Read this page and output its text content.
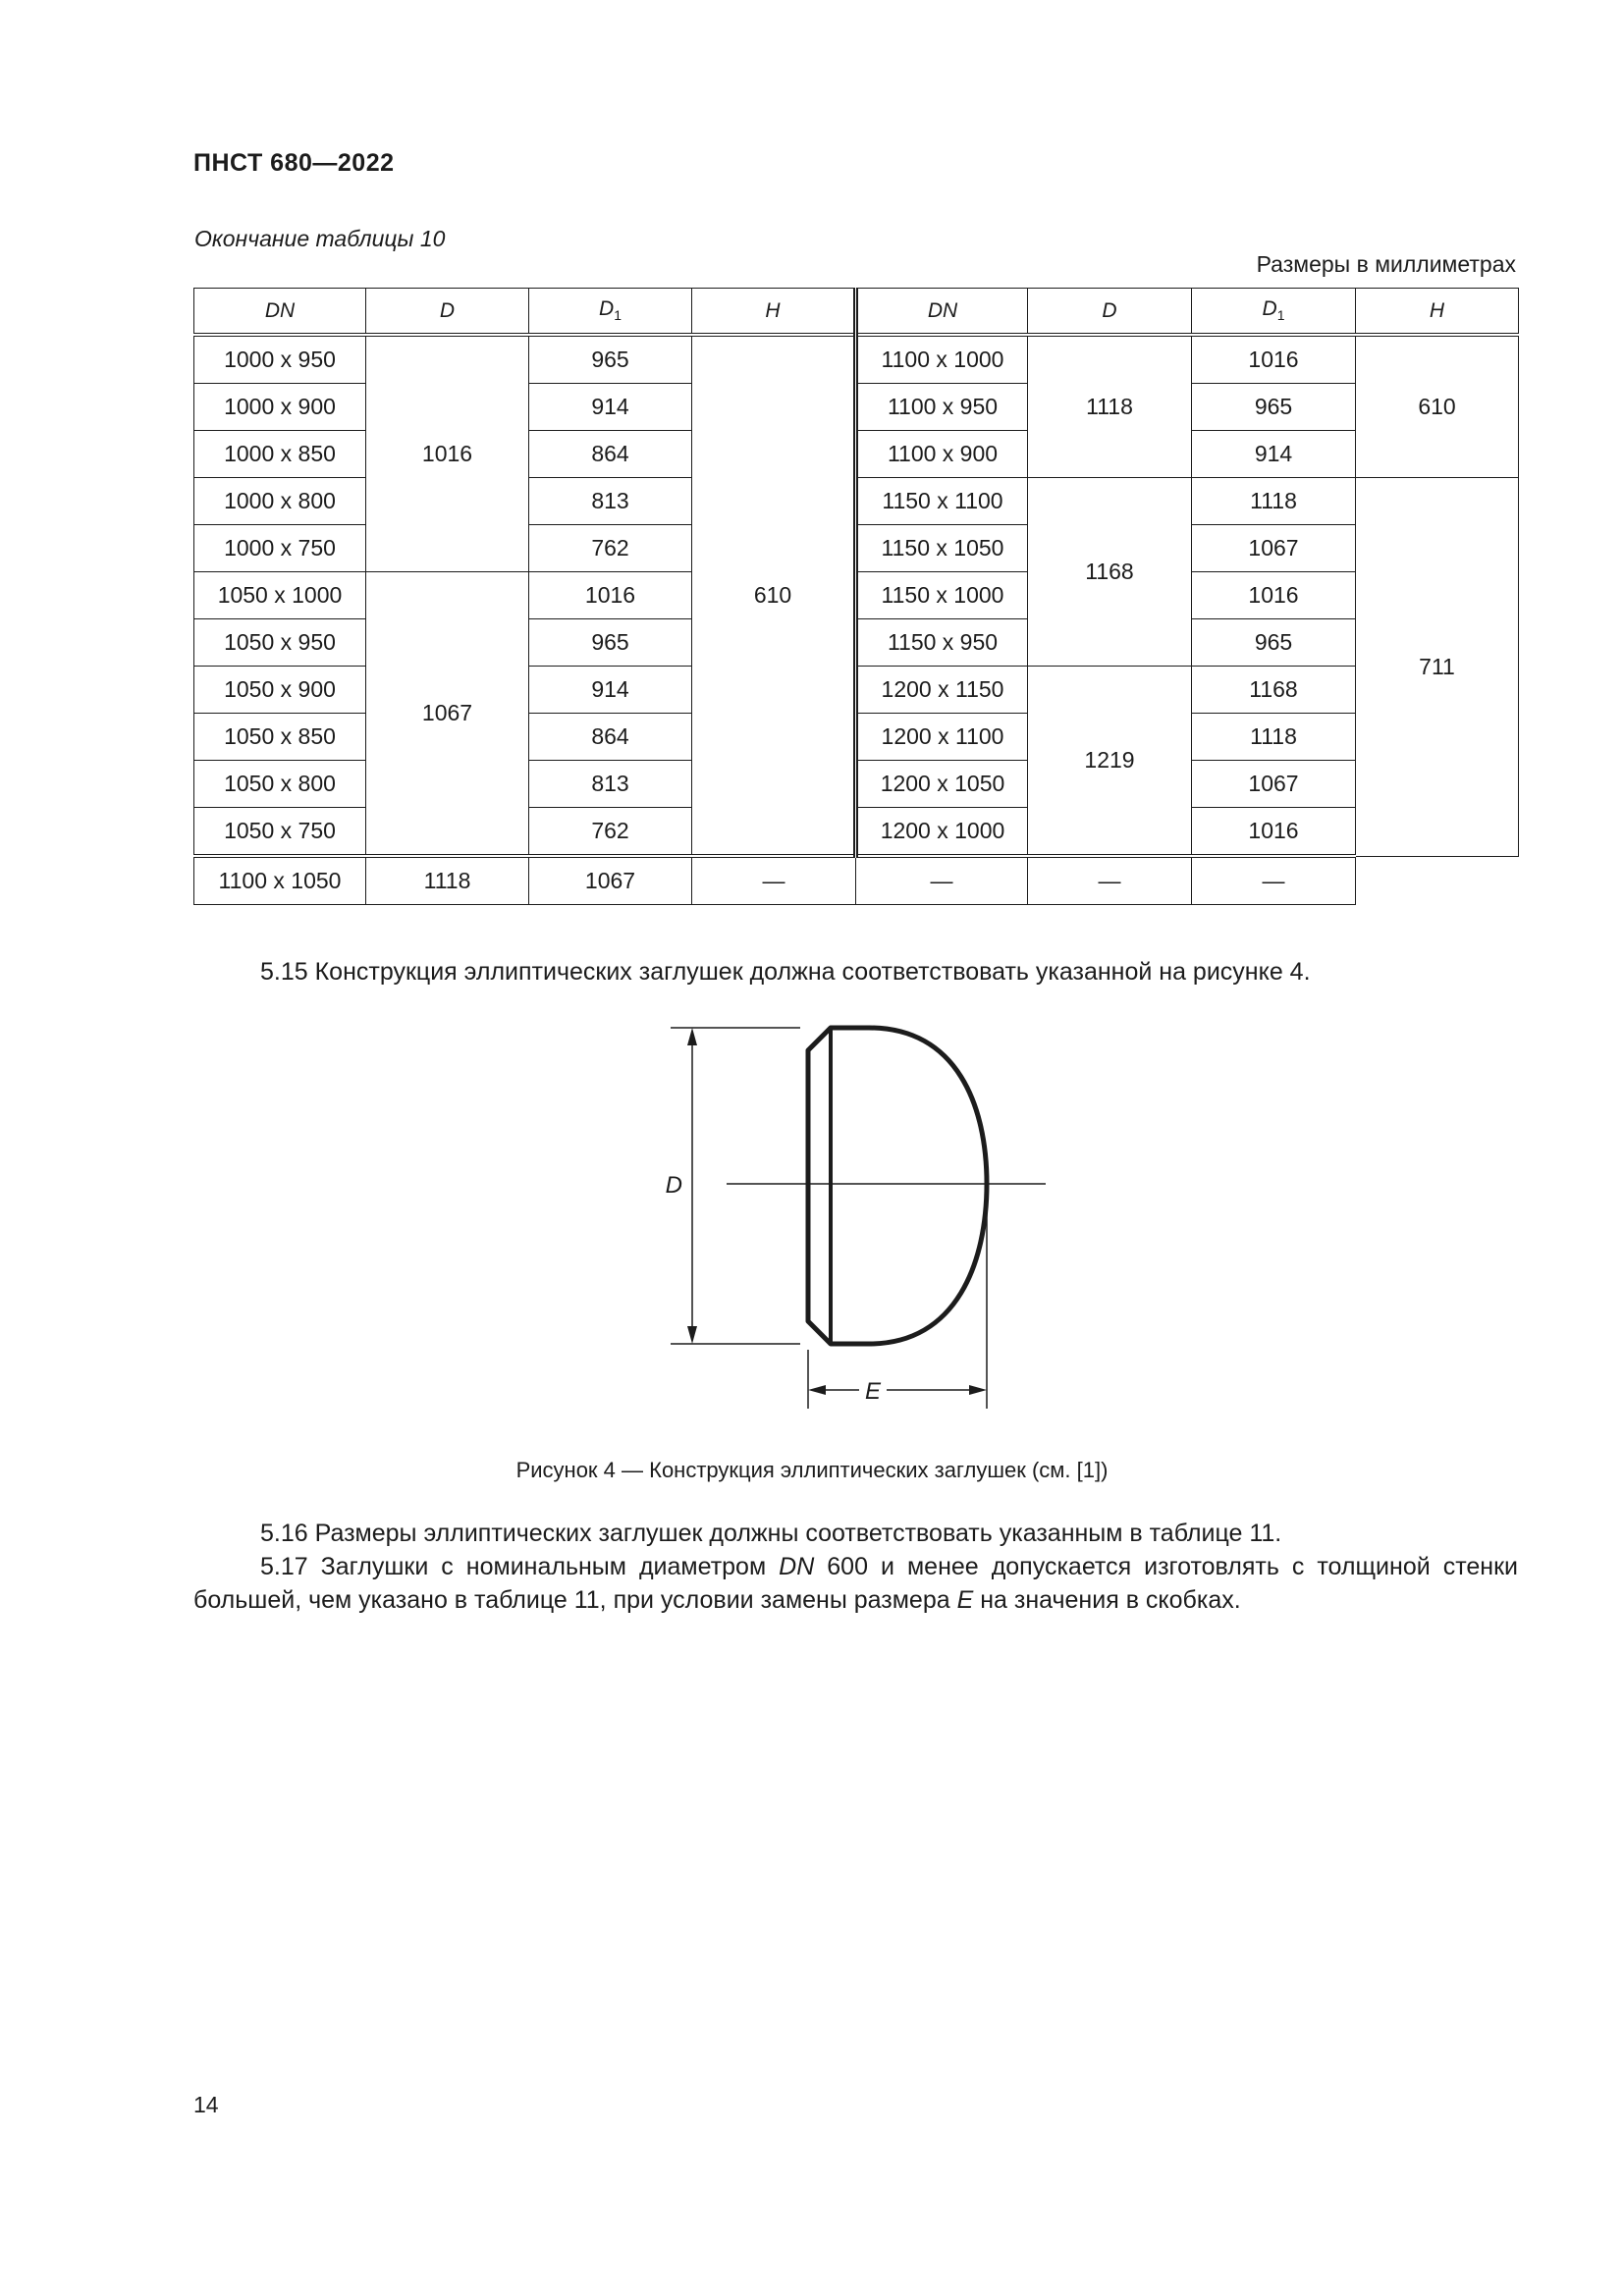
ПНСТ 680—2022
Окончание таблицы 10
Размеры в миллиметрах
DN	D	$D_1$	H	DN	D	$D_1$	H
1000 x 950	1016	965	610	1100 x 1000	1118	1016	610
1000 x 900		914		1100 x 950		965	
1000 x 850		864		1100 x 900		914	
1000 x 800		813		1150 x 1100	1168	1118	711
1000 x 750		762		1150 x 1050		1067	
1050 x 1000	1067	1016		1150 x 1000		1016	
1050 x 950		965		1150 x 950		965	
1050 x 900		914		1200 x 1150	1219	1168	
1050 x 850		864		1200 x 1100		1118	
1050 x 800		813		1200 x 1050		1067	
1050 x 750		762		1200 x 1000		1016	
1100 x 1050	1118	1067	—	—	—	—	
5.15 Конструкция эллиптических заглушек должна соответствовать указанной на рисунке 4.
D
E
Рисунок 4 — Конструкция эллиптических заглушек (см. [1])
5.16 Размеры эллиптических заглушек должны соответствовать указанным в таблице 11.
5.17 Заглушки с номинальным диаметром DN 600 и менее допускается изготовлять с толщиной стенки большей, чем указано в таблице 11, при условии замены размера E на значения в скобках.
14
